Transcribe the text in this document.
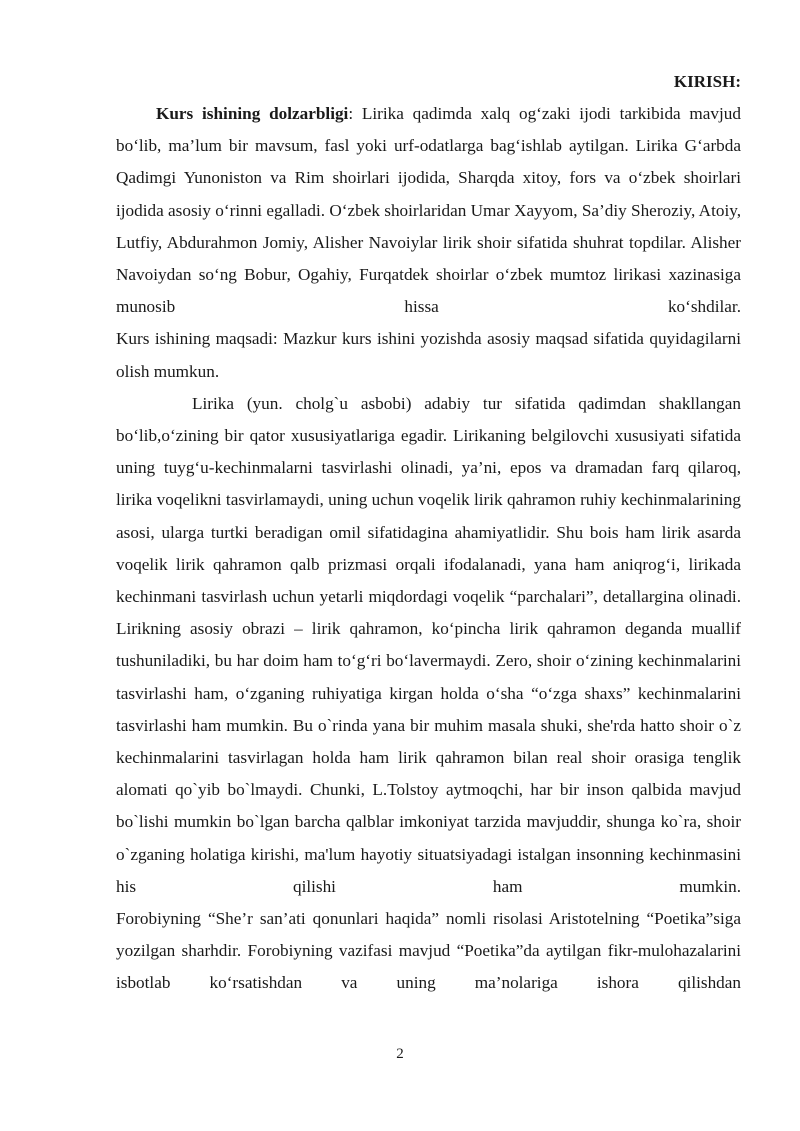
KIRISH:

Kurs ishining dolzarbligi: Lirika qadimda xalq og‘zaki ijodi tarkibida mavjud bo‘lib, ma’lum bir mavsum, fasl yoki urf-odatlarga bag‘ishlab aytilgan. Lirika G‘arbda Qadimgi Yunoniston va Rim shoirlari ijodida, Sharqda xitoy, fors va o‘zbek shoirlari ijodida asosiy o‘rinni egalladi. O‘zbek shoirlaridan Umar Xayyom, Sa’diy Sheroziy, Atoiy, Lutfiy, Abdurahmon Jomiy, Alisher Navoiylar lirik shoir sifatida shuhrat topdilar. Alisher Navoiydan so‘ng Bobur, Ogahiy, Furqatdek shoirlar o‘zbek mumtoz lirikasi xazinasiga munosib hissa ko‘shdilar.

Kurs ishining maqsadi: Mazkur kurs ishini yozishda asosiy maqsad sifatida quyidagilarni olish mumkun.

Lirika (yun. cholg`u asbobi) adabiy tur sifatida qadimdan shakllangan bo‘lib,o‘zining bir qator xususiyatlariga egadir. Lirikaning belgilovchi xususiyati sifatida uning tuyg‘u-kechinmalarni tasvirlashi olinadi, ya’ni, epos va dramadan farq qilaroq, lirika voqelikni tasvirlamaydi, uning uchun voqelik lirik qahramon ruhiy kechinmalarining asosi, ularga turtki beradigan omil sifatidagina ahamiyatlidir. Shu bois ham lirik asarda voqelik lirik qahramon qalb prizmasi orqali ifodalanadi, yana ham aniqrog‘i, lirikada kechinmani tasvirlash uchun yetarli miqdordagi voqelik “parchalari”, detallargina olinadi. Lirikning asosiy obrazi – lirik qahramon, ko‘pincha lirik qahramon deganda muallif tushuniladiki, bu har doim ham to‘g‘ri bo‘lavermaydi. Zero, shoir o‘zining kechinmalarini tasvirlashi ham, o‘zganing ruhiyatiga kirgan holda o‘sha “o‘zga shaxs” kechinmalarini tasvirlashi ham mumkin. Bu o`rinda yana bir muhim masala shuki, she'rda hatto shoir o`z kechinmalarini tasvirlagan holda ham lirik qahramon bilan real shoir orasiga tenglik alomati qo`yib bo`lmaydi. Chunki, L.Tolstoy aytmoqchi, har bir inson qalbida mavjud bo`lishi mumkin bo`lgan barcha qalblar imkoniyat tarzida mavjuddir, shunga ko`ra, shoir o`zganing holatiga kirishi, ma'lum hayotiy situatsiyadagi istalgan insonning kechinmasini his qilishi ham mumkin.

Forobiyning “She’r san’ati qonunlari haqida” nomli risolasi Aristotelning “Poetika”siga yozilgan sharhdir. Forobiyning vazifasi mavjud “Poetika”da aytilgan fikr-mulohazalarini isbotlab ko‘rsatishdan va uning ma’nolariga ishora qilishdan

2
